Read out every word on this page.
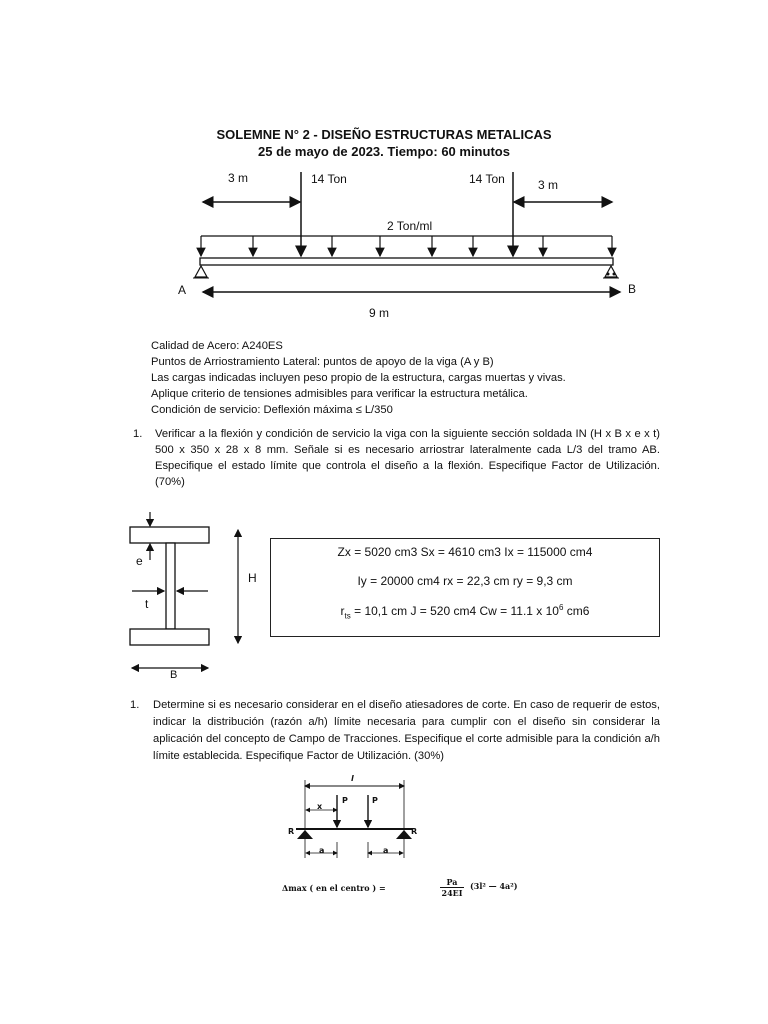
SOLEMNE N° 2 - DISEÑO ESTRUCTURAS METALICAS
25 de mayo de 2023. Tiempo: 60 minutos
3 m	14 Ton	14 Ton	3 m
2 Ton/ml
A	B
9 m
Calidad de Acero: A240ES
Puntos de Arriostramiento Lateral: puntos de apoyo de la viga (A y B)
Las cargas indicadas incluyen peso propio de la estructura, cargas muertas y vivas.
Aplique criterio de tensiones admisibles para verificar la estructura metálica.
Condición de servicio: Deflexión máxima ≤ L/350
1. Verificar a la flexión y condición de servicio la viga con la siguiente sección soldada IN (H x B x e x t) 500 x 350 x 28 x 8 mm. Señale si es necesario arriostrar lateralmente cada L/3 del tramo AB. Especifique el estado límite que controla el diseño a la flexión. Especifique Factor de Utilización. (70%)
e
t
H
B
Zx = 5020 cm3 Sx = 4610 cm3 Ix = 115000 cm4
Iy = 20000 cm4 rx = 22,3 cm ry = 9,3 cm
$r_{ts} = 10,1$ cm J = 520 cm4 Cw = 11.1 x $10^6$ cm6
1. Determine si es necesario considerar en el diseño atiesadores de corte. En caso de requerir de estos, indicar la distribución (razón a/h) límite necesaria para cumplir con el diseño sin considerar la aplicación del concepto de Campo de Tracciones. Especifique el corte admisible para la condición a/h límite establecida. Especifique Factor de Utilización. (30%)
l
x
P	P
R	R
a	a
Δmax ( en el centro ) =
Pa
24EI
(3l² — 4a²)
